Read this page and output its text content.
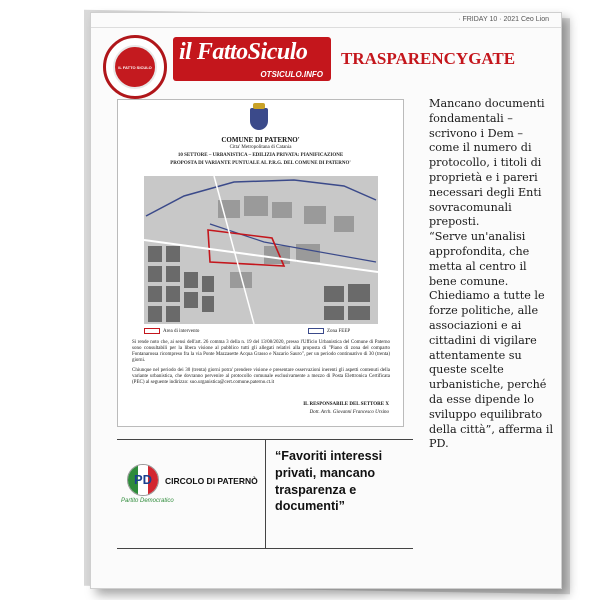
· FRIDAY 10 · 2021 Ceo Lion
IL FATTO SICULO
il FattoSiculo
OTSICULO.INFO
TRASPARENCYGATE
COMUNE DI PATERNO'
Citta' Metropolitana di Catania
10 SETTORE – URBANISTICA – EDILIZIA PRIVATA: PIANIFICAZIONE
PROPOSTA DI VARIANTE PUNTUALE AL P.R.G. DEL COMUNE DI PATERNO'
Area di intervento	Zona FEEP
Si rende noto che, ai sensi dell'art. 26 comma 3 della n. 19 del 13/08/2020, presso l'Ufficio Urbanistica del Comune di Paterno sono consultabili per la libera visione al pubblico tutti gli allegati relativi alla proposta di "Piano di zona del comparto Fontanarossa ricompreso fra la via Ponte Mazzasette Acqua Grasso e Nazario Sauro", per un periodo continuativo di 30 (trenta) giorni.
Chiunque nel periodo dei 30 (trenta) giorni potra' prendere visione e presentare osservazioni inerenti gli aspetti contenuti della variante urbanistica, che dovranno pervenire al protocollo comunale esclusivamente a mezzo di Posta Elettronica Certificata (PEC) al seguente indirizzo: suo.urganistica@cert.comune.paterno.ct.it
IL RESPONSABILE DEL SETTORE X
Dott. Arch. Giovanni Francesco Ursino

Mancano documenti fondamentali – scrivono i Dem – come il numero di protocollo, i titoli di proprietà e i pareri necessari degli Enti sovracomunali preposti.

“Serve un'analisi approfondita, che metta al centro il bene comune. Chiediamo a tutte le forze politiche, alle associazioni e ai cittadini di vigilare attentamente su queste scelte urbanistiche, perché da esse dipende lo sviluppo equilibrato della città”, afferma il PD.

PD
Partito Democratico
CIRCOLO DI PATERNÒ
“Favoriti interessi privati, mancano trasparenza e documenti”
